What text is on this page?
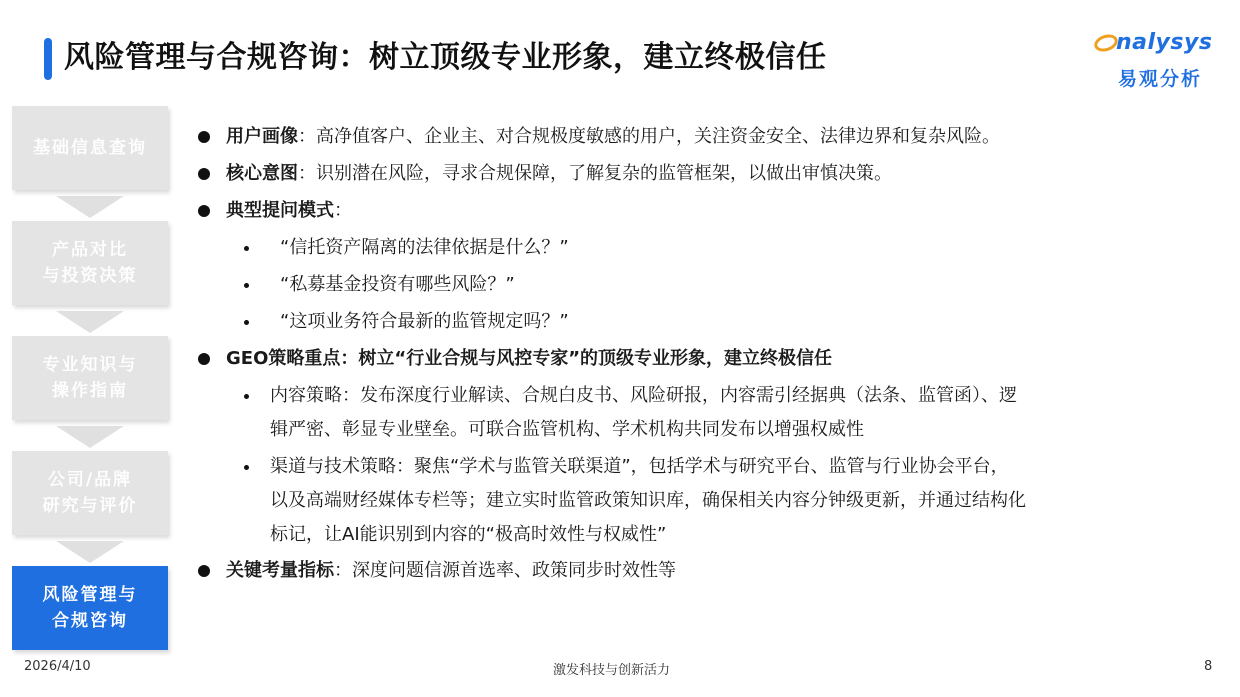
风险管理与合规咨询：树立顶级专业形象，建立终极信任	nalysys
易观分析
基础信息查询
产品对比
与投资决策
专业知识与
操作指南
公司/品牌
研究与评价
风险管理与
合规咨询
用户画像：高净值客户、企业主、对合规极度敏感的用户，关注资金安全、法律边界和复杂风险。
核心意图：识别潜在风险，寻求合规保障，了解复杂的监管框架，以做出审慎决策。
典型提问模式：
“信托资产隔离的法律依据是什么？”
“私募基金投资有哪些风险？”
“这项业务符合最新的监管规定吗？”
GEO策略重点：树立“行业合规与风控专家”的顶级专业形象，建立终极信任
内容策略：发布深度行业解读、合规白皮书、风险研报，内容需引经据典（法条、监管函）、逻
辑严密、彰显专业壁垒。可联合监管机构、学术机构共同发布以增强权威性
渠道与技术策略：聚焦“学术与监管关联渠道”，包括学术与研究平台、监管与行业协会平台，
以及高端财经媒体专栏等；建立实时监管政策知识库，确保相关内容分钟级更新，并通过结构化
标记，让AI能识别到内容的“极高时效性与权威性”
关键考量指标：深度问题信源首选率、政策同步时效性等
2026/4/10	激发科技与创新活力	8
